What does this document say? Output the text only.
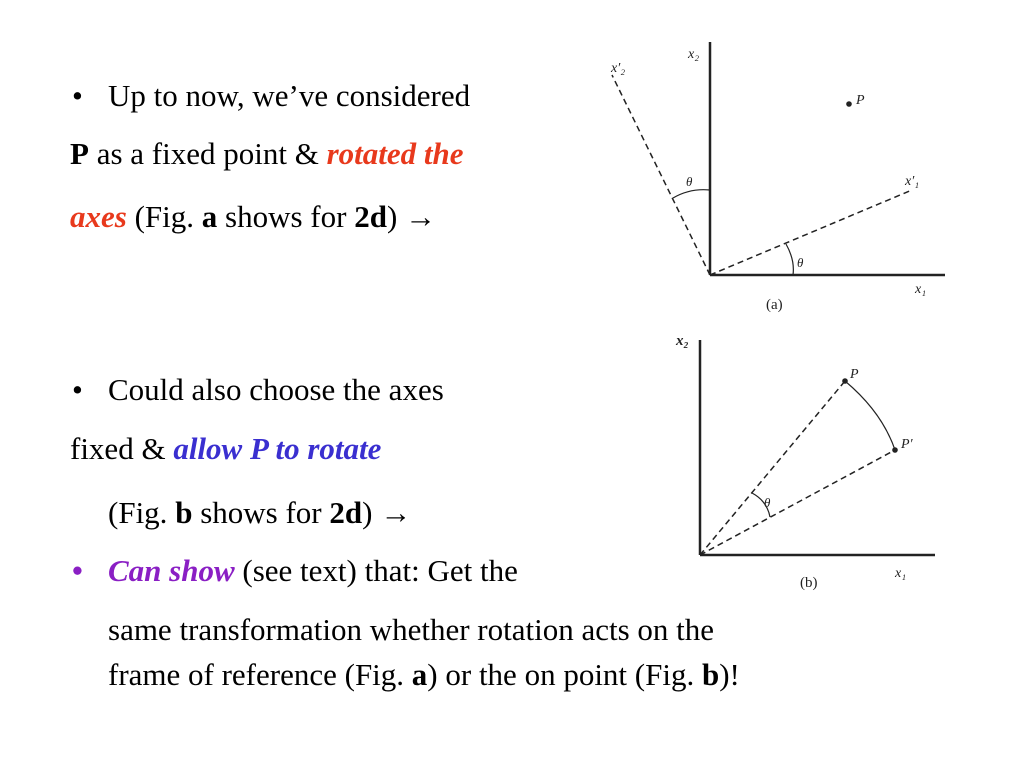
• Up to now, we’ve considered
P as a fixed point & rotated the
axes (Fig. a shows for 2d) →
• Could also choose the axes
fixed & allow P to rotate
(Fig. b shows for 2d) →
• Can show (see text) that: Get the
same transformation whether rotation acts on the
frame of reference (Fig. a) or the on point (Fig. b)!
x₂
x′₂
x′₁
x₁
P
θ
θ
(a)
x₂
P
P′
θ
x₁
(b)
